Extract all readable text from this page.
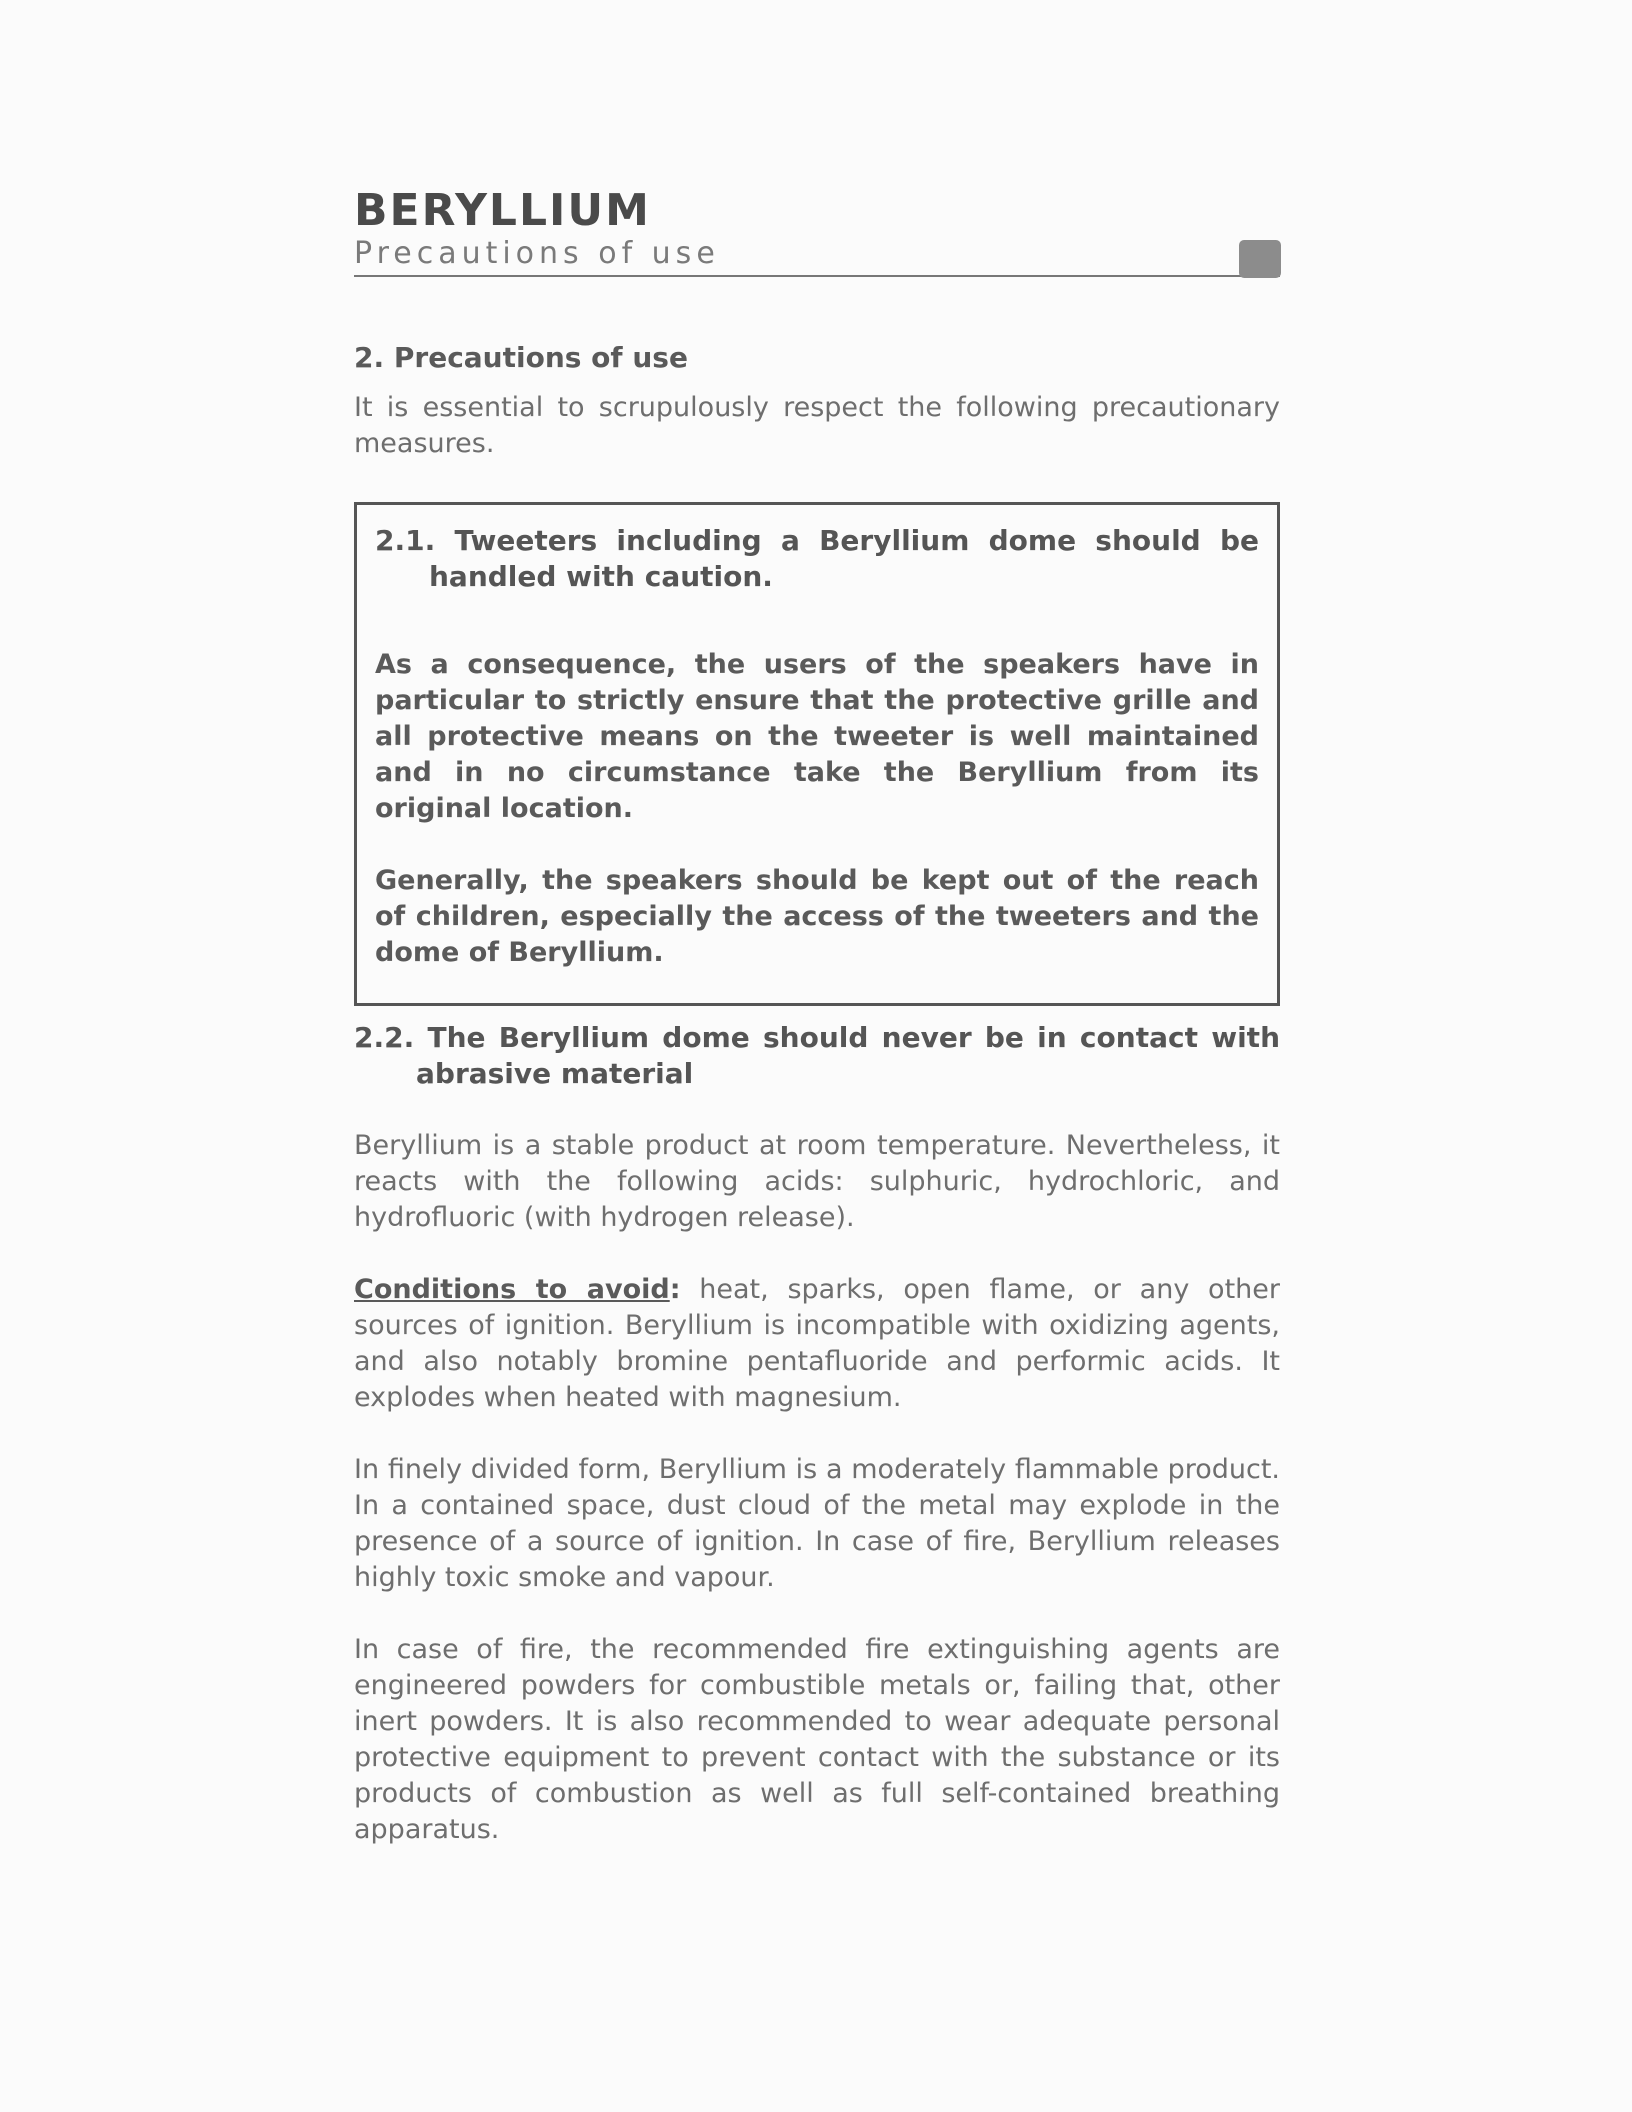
BERYLLIUM
Precautions of use
2. Precautions of use

It is essential to scrupulously respect the following precautionary measures.

2.1. Tweeters including a Beryllium dome should be handled with caution.

As a consequence, the users of the speakers have in particular to strictly ensure that the protective grille and all protective means on the tweeter is well maintained and in no circumstance take the Beryllium from its original location.

Generally, the speakers should be kept out of the reach of children, especially the access of the tweeters and the dome of Beryllium.

2.2. The Beryllium dome should never be in contact with abrasive material

Beryllium is a stable product at room temperature. Nevertheless, it reacts with the following acids: sulphuric, hydrochloric, and hydrofluoric (with hydrogen release).

Conditions to avoid: heat, sparks, open flame, or any other sources of ignition. Beryllium is incompatible with oxidizing agents, and also notably bromine pentafluoride and performic acids. It explodes when heated with magnesium.

In finely divided form, Beryllium is a moderately flammable product. In a contained space, dust cloud of the metal may explode in the presence of a source of ignition. In case of fire, Beryllium releases highly toxic smoke and vapour.

In case of fire, the recommended fire extinguishing agents are engineered powders for combustible metals or, failing that, other inert powders. It is also recommended to wear adequate personal protective equipment to prevent contact with the substance or its products of combustion as well as full self-contained breathing apparatus.
